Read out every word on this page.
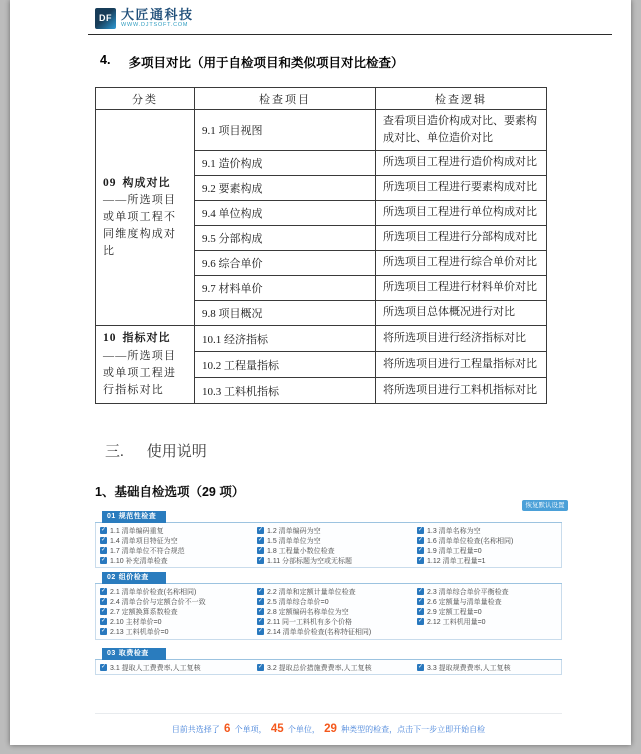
DF 大匠通科技
WWW.DJTSOFT.COM
4. 多项目对比（用于自检项目和类似项目对比检查）
分类	检查项目	检查逻辑

09 构成对比
——所选项目或单项工程不同维度构成对比	9.1 项目视图	查看项目造价构成对比、要素构成对比、单位造价对比
	9.1 造价构成	所选项目工程进行造价构成对比
	9.2 要素构成	所选项目工程进行要素构成对比
	9.4 单位构成	所选项目工程进行单位构成对比
	9.5 分部构成	所选项目工程进行分部构成对比
	9.6 综合单价	所选项目工程进行综合单价对比
	9.7 材料单价	所选项目工程进行材料单价对比
	9.8 项目概况	所选项目总体概况进行对比

10 指标对比
——所选项目或单项工程进行指标对比	10.1 经济指标	将所选项目进行经济指标对比
	10.2 工程量指标	将所选项目进行工程量指标对比
	10.3 工料机指标	将所选项目进行工料机指标对比
三. 使用说明
1、基础自检选项（29 项）
恢复默认设置
01 规范性检查
✓ 1.1 清单编码重复	✓ 1.2 清单编码为空	✓ 1.3 清单名称为空
✓ 1.4 清单项目特征为空	✓ 1.5 清单单位为空	✓ 1.6 清单单位检查(名称相同)
✓ 1.7 清单单位不符合规范	✓ 1.8 工程量小数位检查	✓ 1.9 清单工程量=0
✓ 1.10 补充清单检查	✓ 1.11 分部标题为空或无标题	✓ 1.12 清单工程量=1
02 组价检查
✓ 2.1 清单单价检查(名称相同)	✓ 2.2 清单和定额计量单位检查	✓ 2.3 清单综合单价平衡检查
✓ 2.4 清单合价与定额合价不一致	✓ 2.5 清单综合单价=0	✓ 2.6 定额量与清单量检查
✓ 2.7 定额换算系数检查	✓ 2.8 定额编码名称单位为空	✓ 2.9 定额工程量=0
✓ 2.10 主材单价=0	✓ 2.11 同一工料机有多个价格	✓ 2.12 工料机用量=0
✓ 2.13 工料机单价=0	✓ 2.14 清单单价检查(名称特征相同)
03 取费检查
✓ 3.1 提取人工费费率,人工复核	✓ 3.2 提取总价措施费费率,人工复核	✓ 3.3 提取规费费率,人工复核
目前共选择了 6 个单项， 45 个单位， 29 种类型的检查，点击下一步立即开始自检
